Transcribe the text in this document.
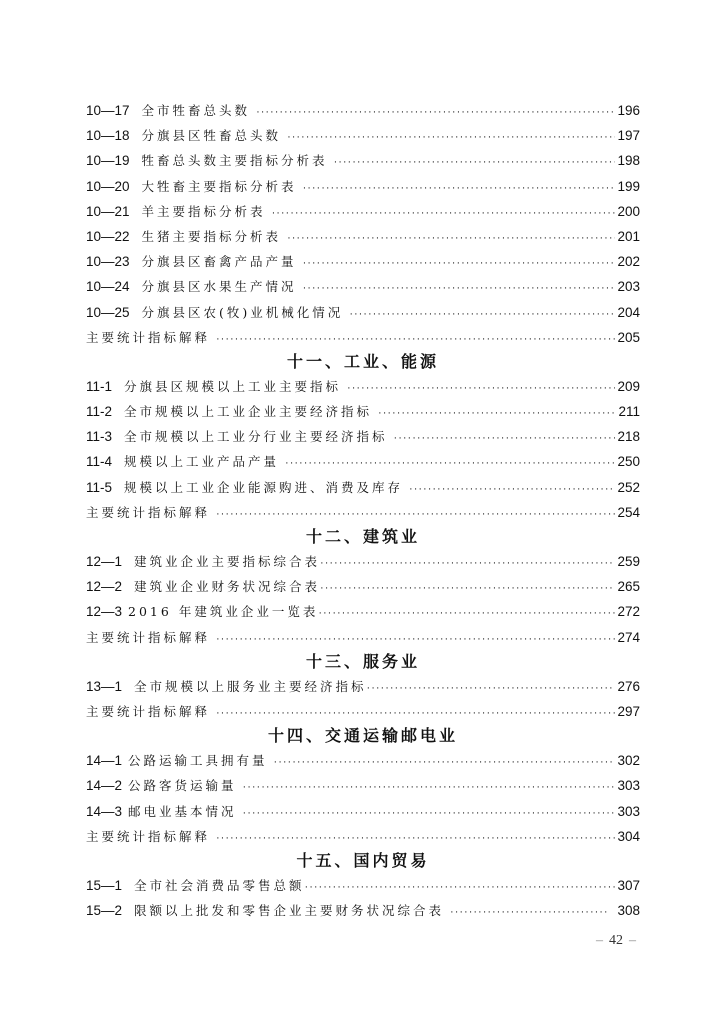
10—17 全市牲畜总头数 ·····	196
10—18 分旗县区牲畜总头数 ·····	197
10—19 牲畜总头数主要指标分析表 ·····	198
10—20 大牲畜主要指标分析表 ·····	199
10—21 羊主要指标分析表 ·····	200
10—22 生猪主要指标分析表 ·····	201
10—23 分旗县区畜禽产品产量 ·····	202
10—24 分旗县区水果生产情况 ·····	203
10—25 分旗县区农(牧)业机械化情况 ·····	204
主要统计指标解释 ·····	205
十一、工业、能源
11-1 分旗县区规模以上工业主要指标 ·····	209
11-2 全市规模以上工业企业主要经济指标 ·····	211
11-3 全市规模以上工业分行业主要经济指标 ·····	218
11-4 规模以上工业产品产量 ·····	250
11-5 规模以上工业企业能源购进、消费及库存 ·····	252
主要统计指标解释 ·····	254
十二、建筑业
12—1 建筑业企业主要指标综合表 ·····	259
12—2 建筑业企业财务状况综合表 ·····	265
12—3 2016 年建筑业企业一览表 ·····	272
主要统计指标解释 ·····	274
十三、服务业
13—1 全市规模以上服务业主要经济指标 ·····	276
主要统计指标解释 ·····	297
十四、交通运输邮电业
14—1 公路运输工具拥有量 ·····	302
14—2 公路客货运输量 ·····	303
14—3 邮电业基本情况 ·····	303
主要统计指标解释 ·····	304
十五、国内贸易
15—1 全市社会消费品零售总额 ·····	307
15—2 限额以上批发和零售企业主要财务状况综合表 ·····	308
– 42 –
